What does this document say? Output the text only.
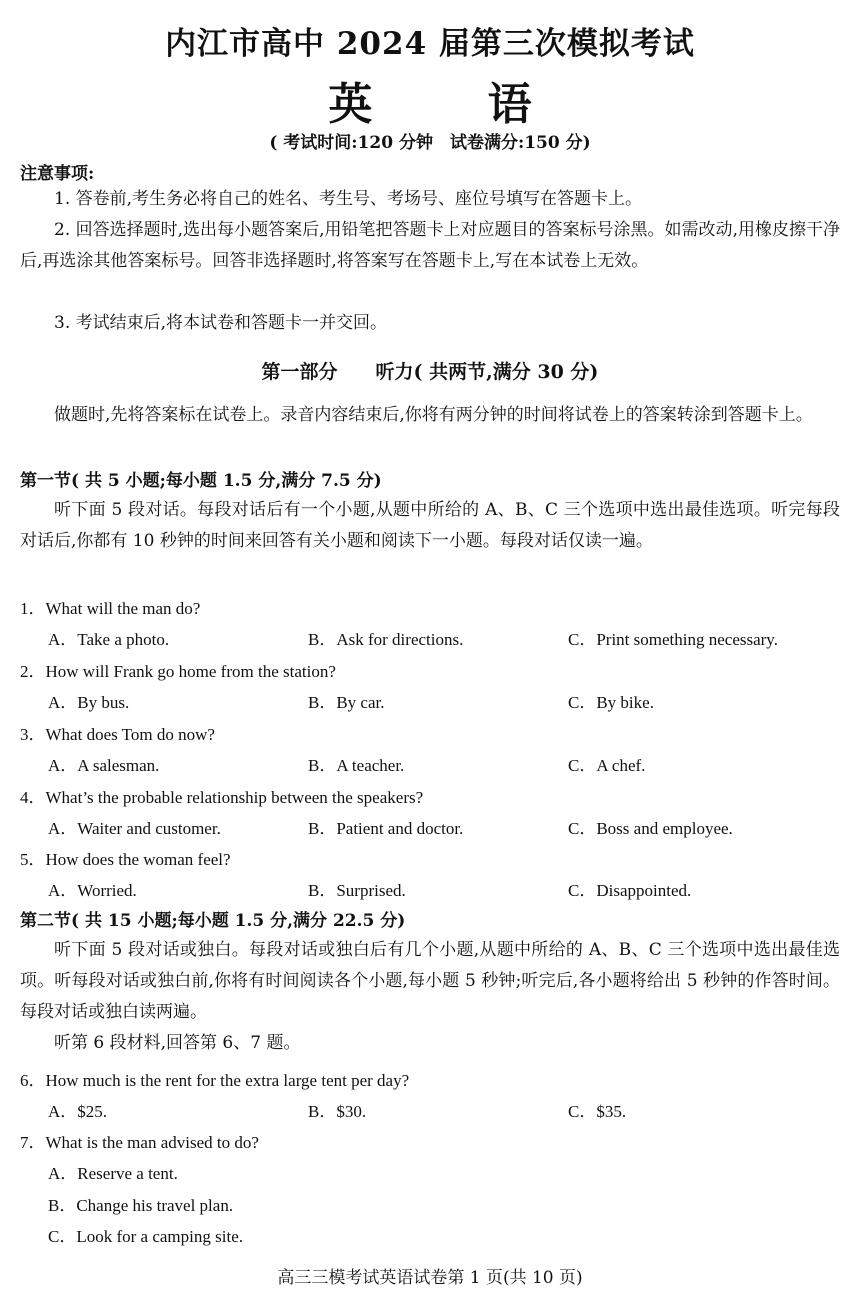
内江市高中 2024 届第三次模拟考试
英 语
( 考试时间:120 分钟　试卷满分:150 分)
注意事项:
1. 答卷前,考生务必将自己的姓名、考生号、考场号、座位号填写在答题卡上。
2. 回答选择题时,选出每小题答案后,用铅笔把答题卡上对应题目的答案标号涂黑。如需改动,用橡皮擦干净后,再选涂其他答案标号。回答非选择题时,将答案写在答题卡上,写在本试卷上无效。
3. 考试结束后,将本试卷和答题卡一并交回。
第一部分　　听力( 共两节,满分 30 分)
做题时,先将答案标在试卷上。录音内容结束后,你将有两分钟的时间将试卷上的答案转涂到答题卡上。
第一节( 共 5 小题;每小题 1.5 分,满分 7.5 分)
听下面 5 段对话。每段对话后有一个小题,从题中所给的 A、B、C 三个选项中选出最佳选项。听完每段对话后,你都有 10 秒钟的时间来回答有关小题和阅读下一小题。每段对话仅读一遍。
1．What will the man do?
A．Take a photo.	B．Ask for directions.	C．Print something necessary.
2．How will Frank go home from the station?
A．By bus.	B．By car.	C．By bike.
3．What does Tom do now?
A．A salesman.	B．A teacher.	C．A chef.
4．What’s the probable relationship between the speakers?
A．Waiter and customer.	B．Patient and doctor.	C．Boss and employee.
5．How does the woman feel?
A．Worried.	B．Surprised.	C．Disappointed.
第二节( 共 15 小题;每小题 1.5 分,满分 22.5 分)
听下面 5 段对话或独白。每段对话或独白后有几个小题,从题中所给的 A、B、C 三个选项中选出最佳选项。听每段对话或独白前,你将有时间阅读各个小题,每小题 5 秒钟;听完后,各小题将给出 5 秒钟的作答时间。每段对话或独白读两遍。
听第 6 段材料,回答第 6、7 题。
6．How much is the rent for the extra large tent per day?
A．$25.	B．$30.	C．$35.
7．What is the man advised to do?
A．Reserve a tent.
B．Change his travel plan.
C．Look for a camping site.
高三三模考试英语试卷第 1 页(共 10 页)
